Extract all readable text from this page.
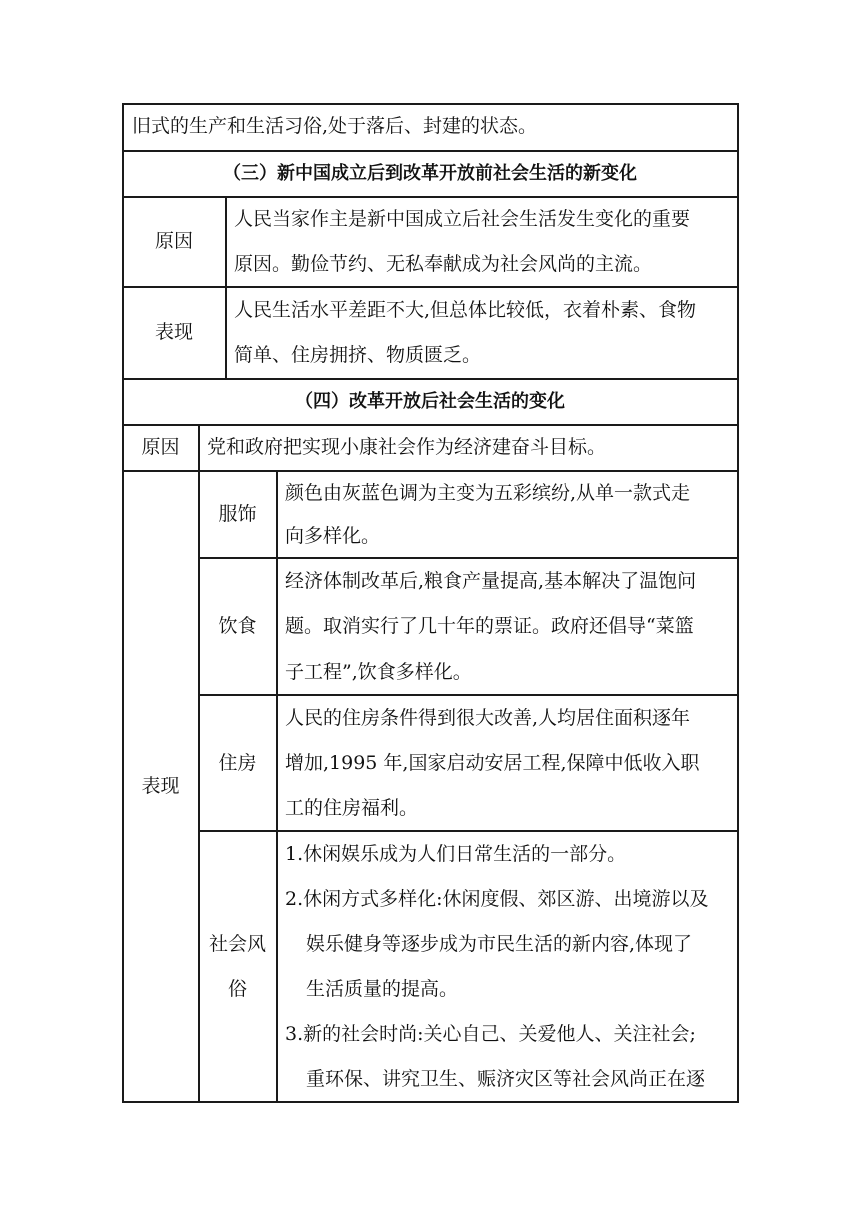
旧式的生产和生活习俗,处于落后、封建的状态。
（三）新中国成立后到改革开放前社会生活的新变化
原因
人民当家作主是新中国成立后社会生活发生变化的重要
原因。勤俭节约、无私奉献成为社会风尚的主流。
表现
人民生活水平差距不大,但总体比较低，衣着朴素、食物
简单、住房拥挤、物质匮乏。
（四）改革开放后社会生活的变化
原因	党和政府把实现小康社会作为经济建奋斗目标。
表现
服饰
颜色由灰蓝色调为主变为五彩缤纷,从单一款式走
向多样化。
饮食
经济体制改革后,粮食产量提高,基本解决了温饱问
题。取消实行了几十年的票证。政府还倡导“菜篮
子工程”,饮食多样化。
住房
人民的住房条件得到很大改善,人均居住面积逐年
增加,1995 年,国家启动安居工程,保障中低收入职
工的住房福利。
社会风
俗
1.休闲娱乐成为人们日常生活的一部分。
2.休闲方式多样化:休闲度假、郊区游、出境游以及
娱乐健身等逐步成为市民生活的新内容,体现了
生活质量的提高。
3.新的社会时尚:关心自己、关爱他人、关注社会;
重环保、讲究卫生、赈济灾区等社会风尚正在逐
